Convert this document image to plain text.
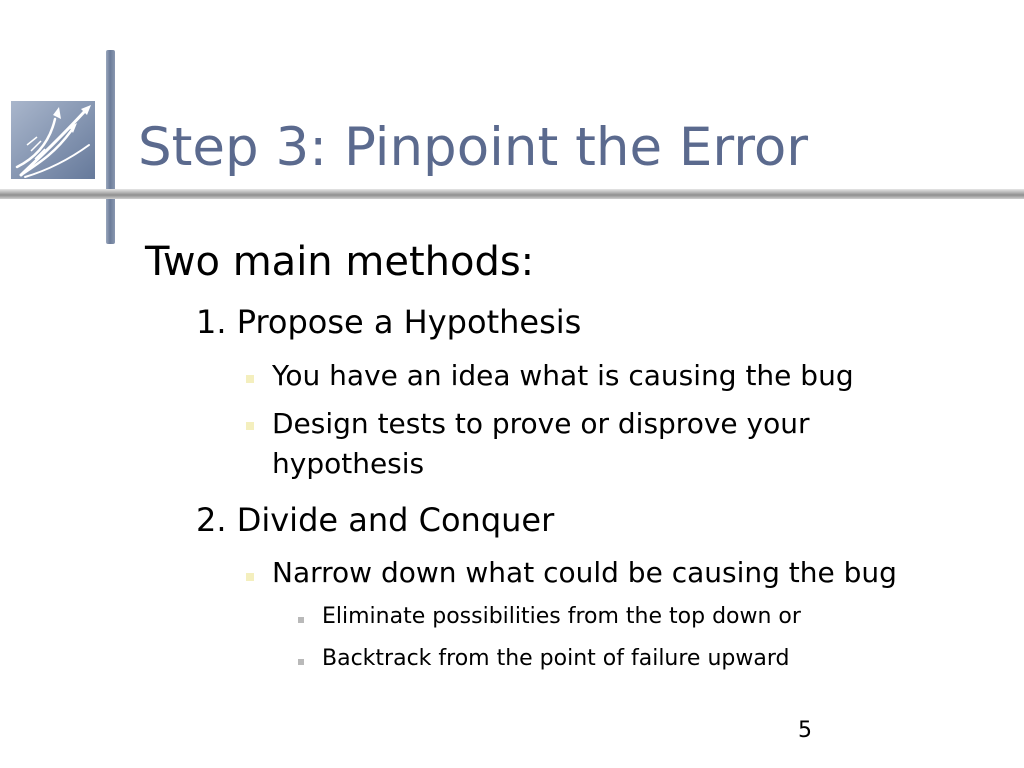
Step 3: Pinpoint the Error
Two main methods:
1. Propose a Hypothesis
You have an idea what is causing the bug
Design tests to prove or disprove your
hypothesis
2. Divide and Conquer
Narrow down what could be causing the bug
Eliminate possibilities from the top down or
Backtrack from the point of failure upward
5
